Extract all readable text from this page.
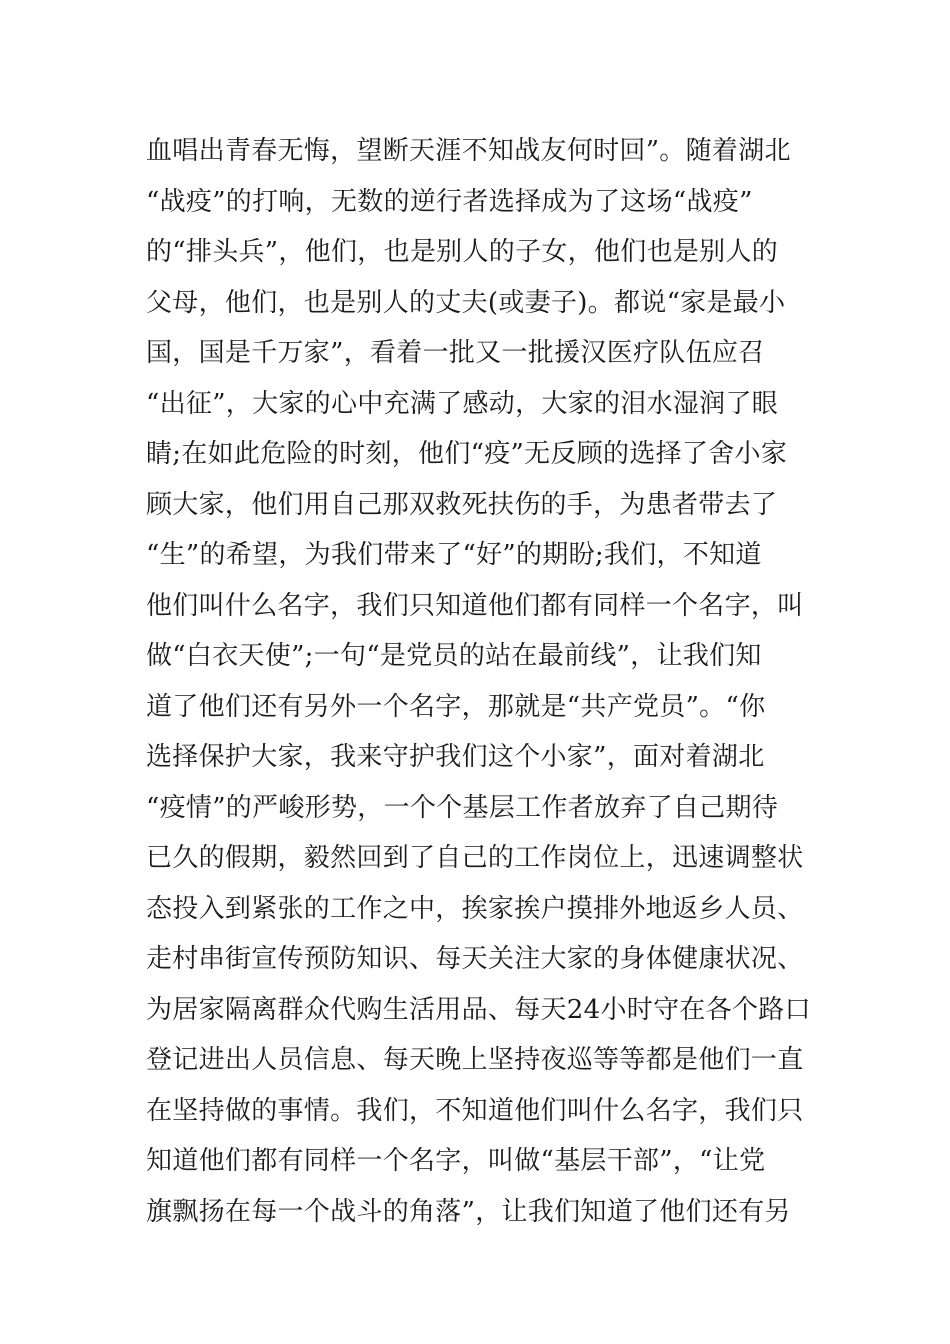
血唱出青春无悔，望断天涯不知战友何时回”。随着湖北
“战疫”的打响，无数的逆行者选择成为了这场“战疫”
的“排头兵”，他们，也是别人的子女，他们也是别人的
父母，他们，也是别人的丈夫(或妻子)。都说“家是最小
国，国是千万家”，看着一批又一批援汉医疗队伍应召
“出征”，大家的心中充满了感动，大家的泪水湿润了眼
睛;在如此危险的时刻，他们“疫”无反顾的选择了舍小家
顾大家，他们用自己那双救死扶伤的手，为患者带去了
“生”的希望，为我们带来了“好”的期盼;我们，不知道
他们叫什么名字，我们只知道他们都有同样一个名字，叫
做“白衣天使”;一句“是党员的站在最前线”，让我们知
道了他们还有另外一个名字，那就是“共产党员”。“你
选择保护大家，我来守护我们这个小家”，面对着湖北
“疫情”的严峻形势，一个个基层工作者放弃了自己期待
已久的假期，毅然回到了自己的工作岗位上，迅速调整状
态投入到紧张的工作之中，挨家挨户摸排外地返乡人员、
走村串街宣传预防知识、每天关注大家的身体健康状况、
为居家隔离群众代购生活用品、每天24小时守在各个路口
登记进出人员信息、每天晚上坚持夜巡等等都是他们一直
在坚持做的事情。我们，不知道他们叫什么名字，我们只
知道他们都有同样一个名字，叫做“基层干部”，“让党
旗飘扬在每一个战斗的角落”，让我们知道了他们还有另
